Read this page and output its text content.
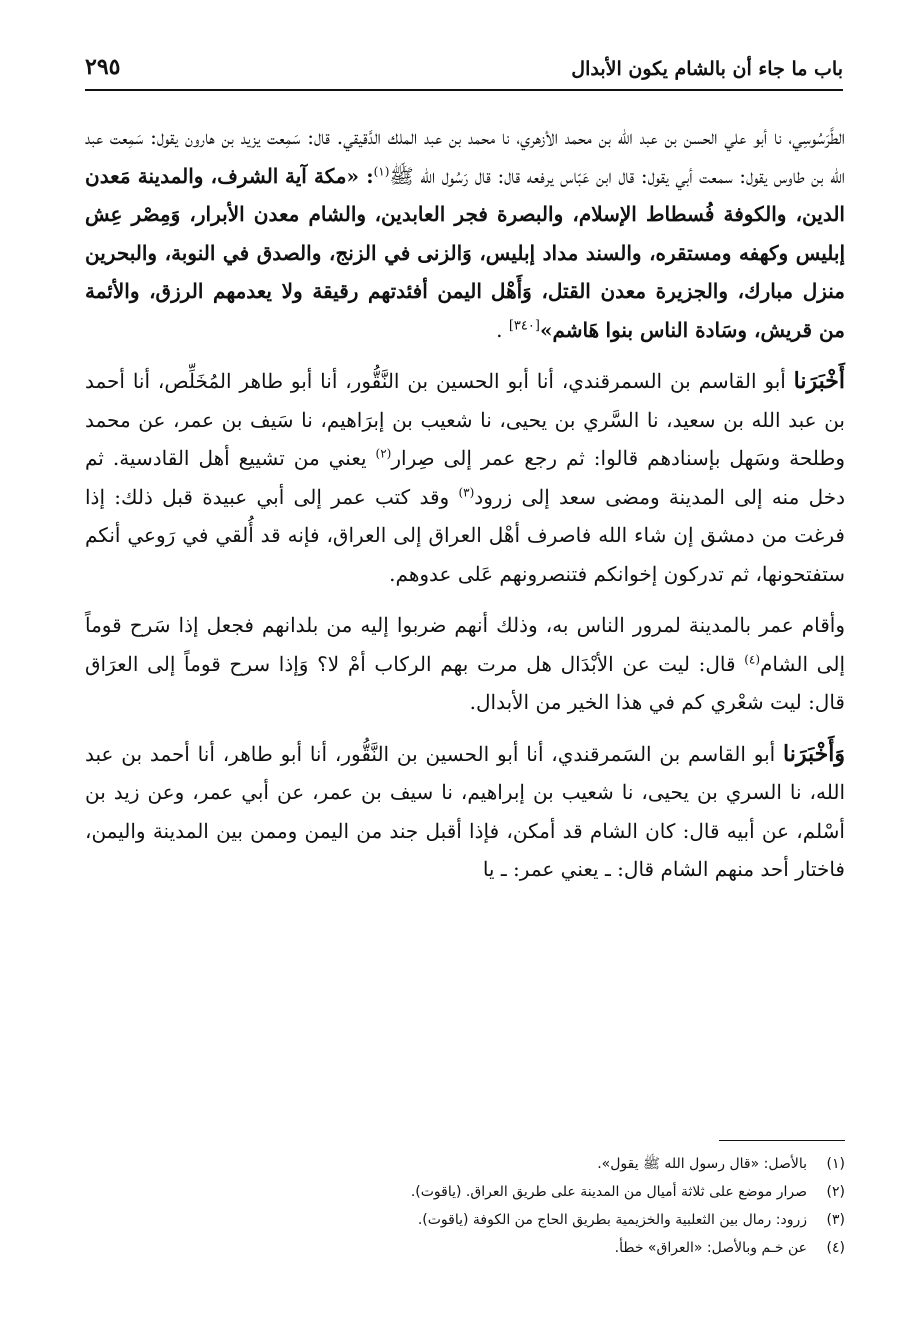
باب ما جاء أن بالشام يكون الأبدال
٢٩٥

الطَّرَسُوسِي، نا أبو علي الحسن بن عبد الله بن محمد الأزهري، نا محمد بن عبد الملك الدَّقيقي. قال: سَمِعت يزيد بن هارون يقول: سَمِعت عبد الله بن طاوس يقول: سمعت أبي يقول: قال ابن عَبّاس يرفعه قال: قال رَسُول الله ﷺ$^{(١)}$: «مكة آية الشرف، والمدينة مَعدن الدين، والكوفة فُسطاط الإسلام، والبصرة فجر العابدين، والشام معدن الأبرار، وَمِصْر عِش إبليس وكهفه ومستقره، والسند مداد إبليس، وَالزنى في الزنج، والصدق في النوبة، والبحرين منزل مبارك، والجزيرة معدن القتل، وَأَهْل اليمن أفئدتهم رقيقة ولا يعدمهم الرزق، والأئمة من قريش، وسَادة الناس بنوا هَاشم»[٣٤٠] .

أَخْبَرَنا أبو القاسم بن السمرقندي، أنا أبو الحسين بن النَّقُّور، أنا أبو طاهر المُخَلِّص، أنا أحمد بن عبد الله بن سعيد، نا السَّري بن يحيى، نا شعيب بن إبرَاهيم، نا سَيف بن عمر، عن محمد وطلحة وسَهل بإسنادهم قالوا: ثم رجع عمر إلى صِرار$^{(٢)}$ يعني من تشييع أهل القادسية. ثم دخل منه إلى المدينة ومضى سعد إلى زرود$^{(٣)}$ وقد كتب عمر إلى أبي عبيدة قبل ذلك: إذا فرغت من دمشق إن شاء الله فاصرف أهْل العراق إلى العراق، فإنه قد أُلقي في رَوعي أنكم ستفتحونها، ثم تدركون إخوانكم فتنصرونهم عَلى عدوهم.

وأقام عمر بالمدينة لمرور الناس به، وذلك أنهم ضربوا إليه من بلدانهم فجعل إذا سَرح قوماً إلى الشام$^{(٤)}$ قال: ليت عن الأبْدَال هل مرت بهم الركاب أمْ لا؟ وَإذا سرح قوماً إلى العرَاق قال: ليت شعْري كم في هذا الخير من الأبدال.

وَأَخْبَرَنا أبو القاسم بن السَمرقندي، أنا أبو الحسين بن النَّقُّور، أنا أبو طاهر، أنا أحمد بن عبد الله، نا السري بن يحيى، نا شعيب بن إبراهيم، نا سيف بن عمر، عن أبي عمر، وعن زيد بن أسْلم، عن أبيه قال: كان الشام قد أمكن، فإذا أقبل جند من اليمن وممن بين المدينة واليمن، فاختار أحد منهم الشام قال: ـ يعني عمر: ـ يا

(١)بالأصل: «قال رسول الله ﷺ يقول».
(٢)صرار موضع على ثلاثة أميال من المدينة على طريق العراق. (ياقوت).
(٣)زرود: رمال بين الثعلبية والخزيمية بطريق الحاج من الكوفة (ياقوت).
(٤)عن خـم وبالأصل: «العراق» خطأ.
